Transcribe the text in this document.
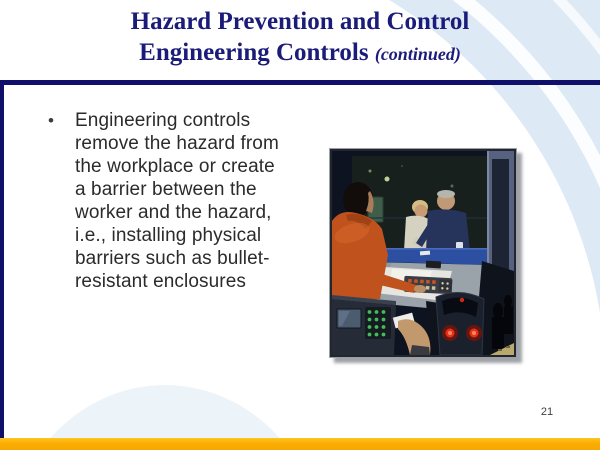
Hazard Prevention and Control
Engineering Controls (continued)
•	Engineering controls
remove the hazard from
the workplace or create
a barrier between the
worker and the hazard,
i.e., installing physical
barriers such as bullet-
resistant enclosures
21
